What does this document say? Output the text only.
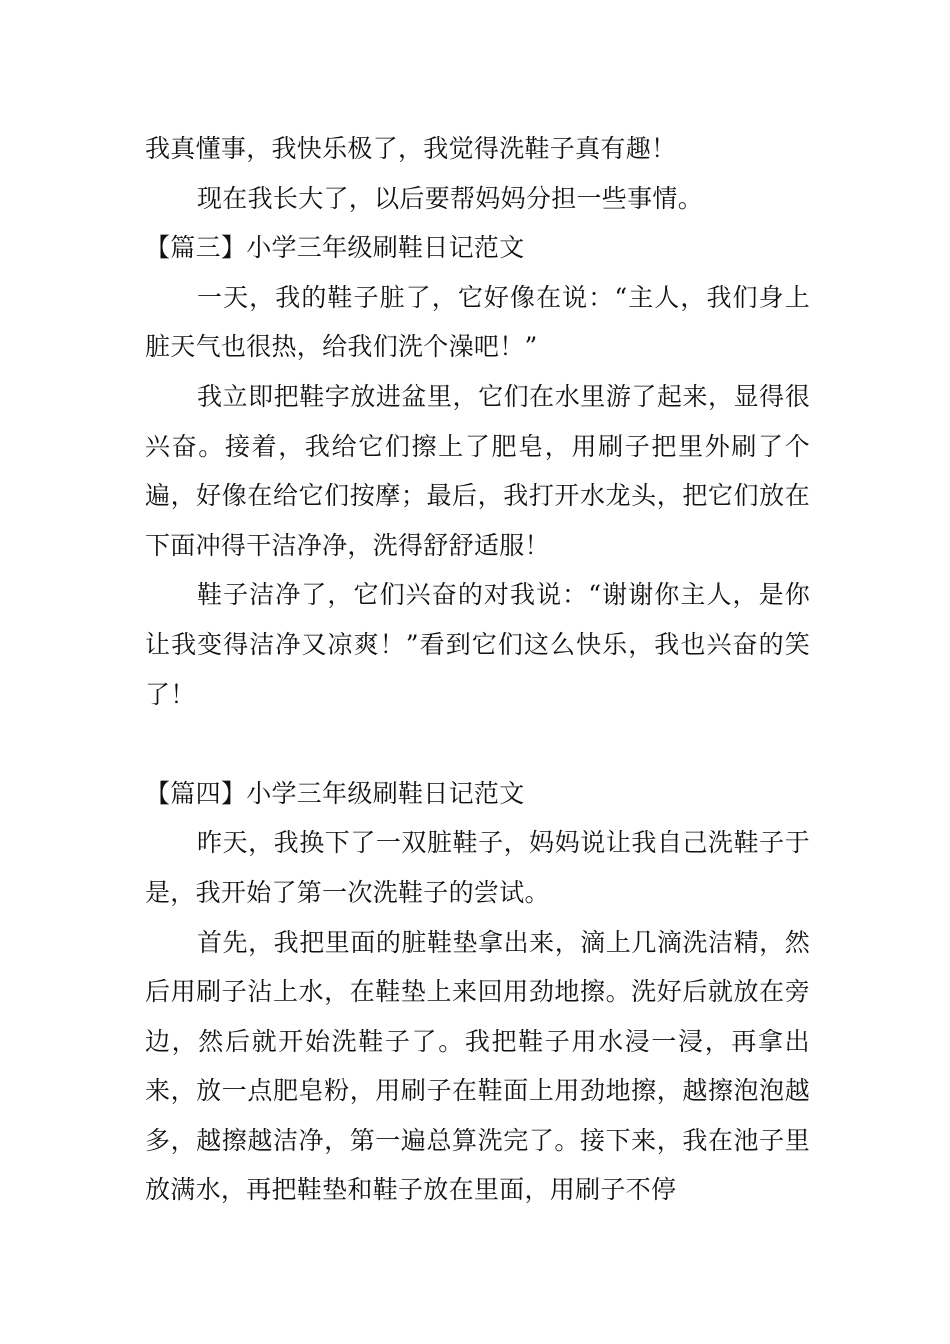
我真懂事，我快乐极了，我觉得洗鞋子真有趣！

现在我长大了，以后要帮妈妈分担一些事情。

【篇三】小学三年级刷鞋日记范文

一天，我的鞋子脏了，它好像在说：“主人，我们身上脏天气也很热，给我们洗个澡吧！”

我立即把鞋字放进盆里，它们在水里游了起来，显得很兴奋。接着，我给它们擦上了肥皂，用刷子把里外刷了个遍，好像在给它们按摩；最后，我打开水龙头，把它们放在下面冲得干洁净净，洗得舒舒适服！

鞋子洁净了，它们兴奋的对我说：“谢谢你主人，是你让我变得洁净又凉爽！”看到它们这么快乐，我也兴奋的笑了！

【篇四】小学三年级刷鞋日记范文

昨天，我换下了一双脏鞋子，妈妈说让我自己洗鞋子于是，我开始了第一次洗鞋子的尝试。

首先，我把里面的脏鞋垫拿出来，滴上几滴洗洁精，然后用刷子沾上水，在鞋垫上来回用劲地擦。洗好后就放在旁边，然后就开始洗鞋子了。我把鞋子用水浸一浸，再拿出来，放一点肥皂粉，用刷子在鞋面上用劲地擦，越擦泡泡越多，越擦越洁净，第一遍总算洗完了。接下来，我在池子里放满水，再把鞋垫和鞋子放在里面，用刷子不停
